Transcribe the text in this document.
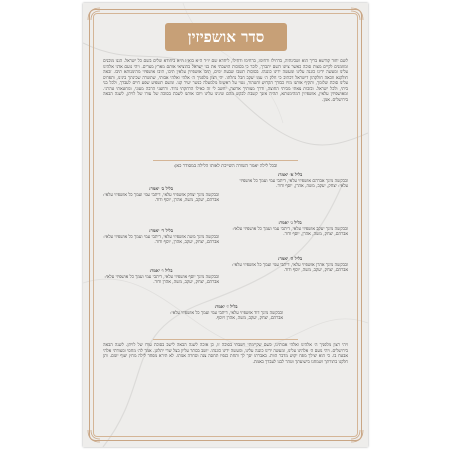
סדר אושפיזין
לשם יחוד קודשא בריך הוא ושכינתיה, בדחילו ורחימו, ברחימו ודחילו, ליחדא שם יו״ד ה״א בוא״ו ה״א ביחודא שלים בשם כל ישראל. הננו מוכנים ומזומנים לקיים מצות סוכה כאשר ציונו השם יתברך, לזכר כי בסוכות הושבתי את בני ישראל בהוציאי אותם מארץ מצרים. ויהי נועם אדני אלהינו עלינו ומעשה ידינו כוננה עלינו ומעשה ידינו כוננהו. בסוכות תשבו שבעת ימים, תיבו אושפיזין עלאין תיבו, תיבו אושפיזי מהימנותא תיבו. זכאה חולקנא וזכאה חולקהון דישראל דכתיב כי חלק ה׳ עמו יעקב חבל נחלתו. יהי רצון מלפניך ה׳ אלהי ואלהי אבותי, שתשרה שכינתך בינינו, ותפרוס עלינו סוכת שלומך, ותקיף אותנו מזיו כבודך הקדוש והטהור, נטוי על ראשינו מלמעלה כנשר יעיר קנו. ומשם תשפיע שפע חיים לעבדך, ולכל בני ביתי, ולכל ישראל. ובזכות צאתי מביתי החוצה, ודרך מצותיך ארוצה, יחשב לי זה כאילו הרחקתי נדוד. ורחצני הרבה מעוני, ומחטאתי טהרני. ומאושפיזין עלאין, אושפיזין דמהימנותא, תהיה אזנך קשבת לבקש מהם שיגינו עלינו ויזכו אותנו לשבת בסוכה של עורו של לויתן, לשנה הבאה בירושלים. אמן.
ובכל לילה יאמר השורה השייכת לאותו הלילה במסודר כאן:
בליל א׳ יאמר:
ובבקשה מינך אברהם אושפיזי עלאי, דיתבי עמי ועמך כל אושפיזי עלאי: יצחק, יעקב, משה, אהרן, יוסף ודוד.
בליל ב׳ יאמר:
ובבקשה מינך יצחק אושפיזי עלאי, דיתבי עמי ועמך כל אושפיזי עלאי: אברהם, יעקב, משה, אהרן, יוסף ודוד.
בליל ג׳ יאמר:
ובבקשה מינך יעקב אושפיזי עלאי, דיתבי עמי ועמך כל אושפיזי עלאי: אברהם, יצחק, משה, אהרן, יוסף ודוד.
בליל ד׳ יאמר:
ובבקשה מינך משה אושפיזי עלאי, דיתבי עמי ועמך כל אושפיזי עלאי: אברהם, יצחק, יעקב, אהרן, יוסף ודוד.
בליל ה׳ יאמר:
ובבקשה מינך אהרן אושפיזי עלאי, דיתבי עמי ועמך כל אושפיזי עלאי: אברהם, יצחק, יעקב, משה, יוסף ודוד.
בליל ו׳ יאמר:
ובבקשה מינך יוסף אושפיזי עלאי, דיתבי עמי ועמך כל אושפיזי עלאי: אברהם, יצחק, יעקב, משה, אהרן ודוד.
בליל ז׳ יאמר:
ובבקשה מינך דוד אושפיזי עלאי, דיתבי עמי ועמך כל אושפיזי עלאי: אברהם, יצחק, יעקב, משה, אהרן ויוסף.
ויהי רצון מלפניך ה׳ אלהינו ואלהי אבותינו, כשם שקיימתי וישבתי בסוכה זו, כן אזכה לשנה הבאה לישב בסוכת עורו של לויתן. לשנה הבאה בירושלים. ויהי נועם ה׳ אלהינו עלינו, ומעשה ידינו כוננה עלינו, ומעשה ידינו כוננהו. יושב בסתר עליון בצל שדי יתלונן. אמר לה׳ מחסי ומצודתי אלהי אבטח בו. כי הוא יצילך מפח יקוש מדבר הוות. באברתו יסך לך ותחת כנפיו תחסה צנה וסחרה אמתו. לא תירא מפחד לילה מחץ יעוף יומם. ותן חלקנו בתורתך ושמחנו בישועתך וטהר לבנו לעבדך באמת.
